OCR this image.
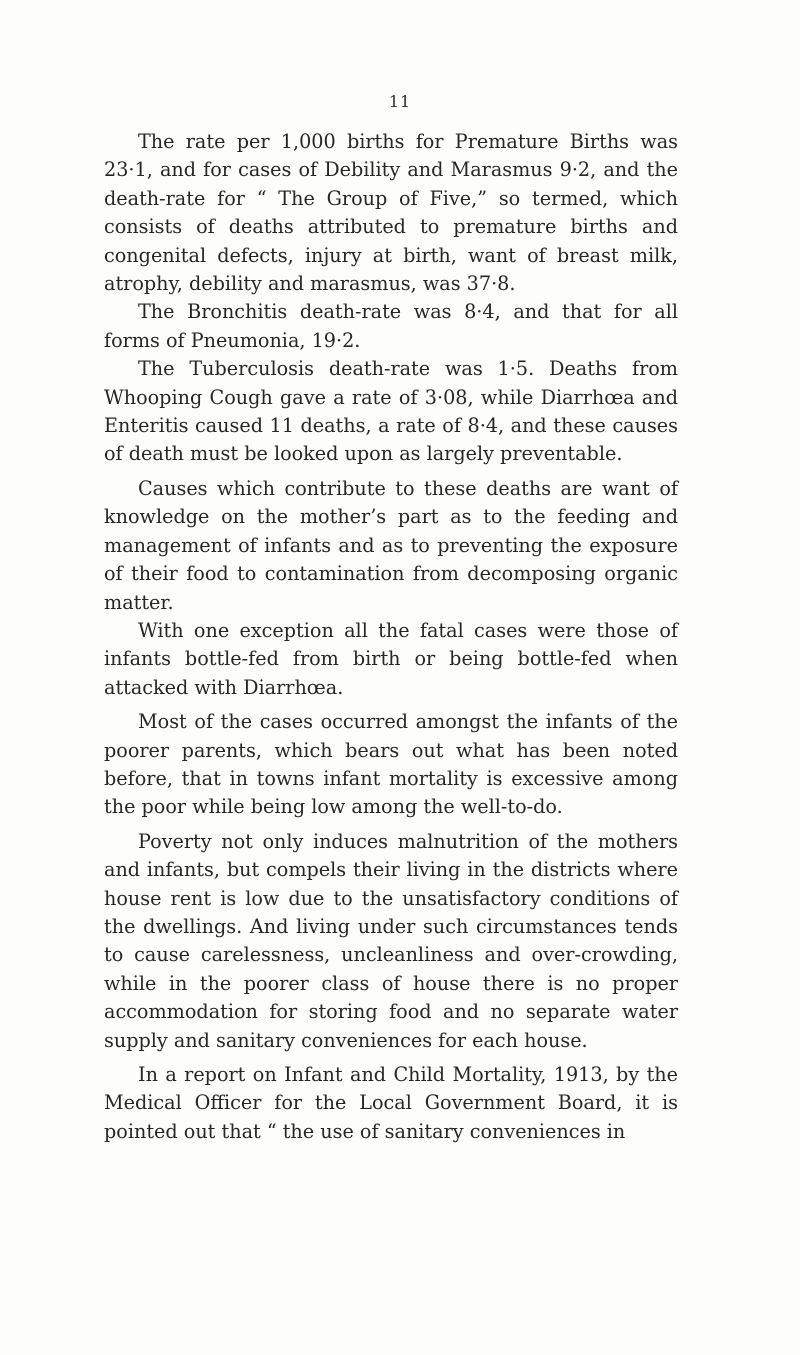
11

The rate per 1,000 births for Premature Births was 23·1, and for cases of Debility and Marasmus 9·2, and the death-rate for “ The Group of Five,” so termed, which consists of deaths attributed to premature births and congenital defects, injury at birth, want of breast milk, atrophy, debility and marasmus, was 37·8.

The Bronchitis death-rate was 8·4, and that for all forms of Pneumonia, 19·2.

The Tuberculosis death-rate was 1·5. Deaths from Whooping Cough gave a rate of 3·08, while Diarrhœa and Enteritis caused 11 deaths, a rate of 8·4, and these causes of death must be looked upon as largely preventable.

Causes which contribute to these deaths are want of knowledge on the mother’s part as to the feeding and management of infants and as to preventing the exposure of their food to contamination from decomposing organic matter.

With one exception all the fatal cases were those of infants bottle-fed from birth or being bottle-fed when attacked with Diarrhœa.

Most of the cases occurred amongst the infants of the poorer parents, which bears out what has been noted before, that in towns infant mortality is excessive among the poor while being low among the well-to-do.

Poverty not only induces malnutrition of the mothers and infants, but compels their living in the districts where house rent is low due to the unsatisfactory conditions of the dwellings. And living under such circumstances tends to cause carelessness, uncleanliness and over-crowding, while in the poorer class of house there is no proper accommodation for storing food and no separate water supply and sanitary conveniences for each house.

In a report on Infant and Child Mortality, 1913, by the Medical Officer for the Local Government Board, it is pointed out that “ the use of sanitary conveniences in
